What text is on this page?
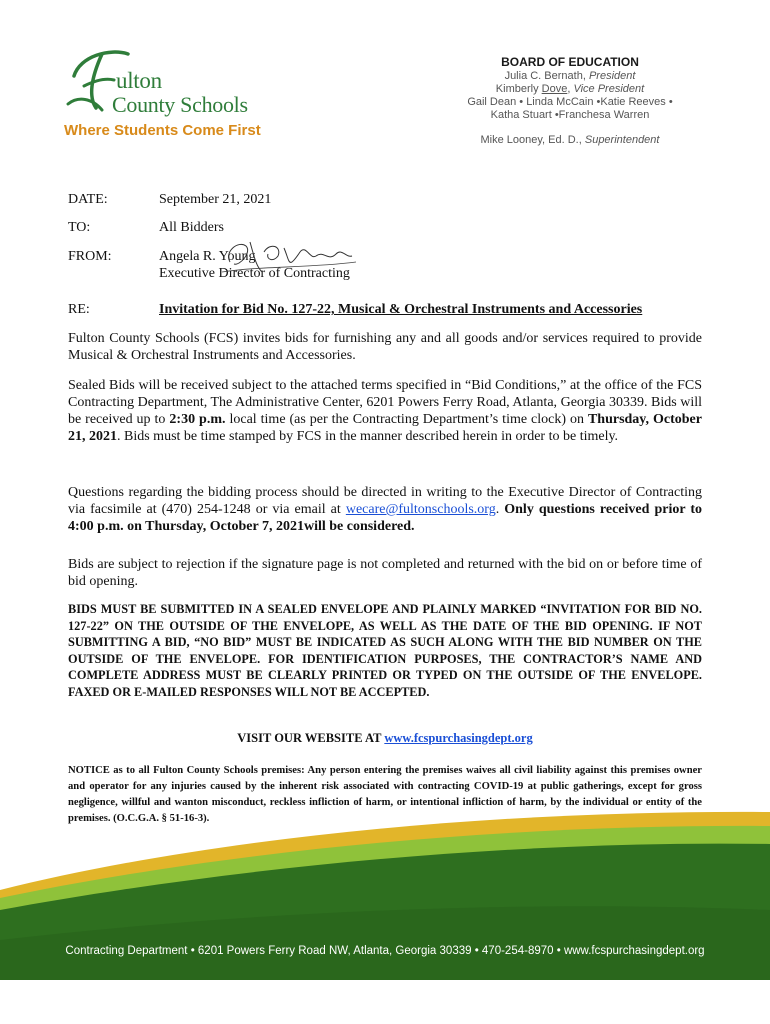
ulton
County Schools
Where Students Come First
BOARD OF EDUCATION
Julia C. Bernath, President
Kimberly Dove, Vice President
Gail Dean • Linda McCain •Katie Reeves •
Katha Stuart •Franchesa Warren
Mike Looney, Ed. D., Superintendent
DATE:	September 21, 2021
TO:	All Bidders
FROM:	Angela R. Young
Executive Director of Contracting
RE:	Invitation for Bid No. 127-22, Musical & Orchestral Instruments and Accessories
Fulton County Schools (FCS) invites bids for furnishing any and all goods and/or services required to provide Musical & Orchestral Instruments and Accessories.
Sealed Bids will be received subject to the attached terms specified in “Bid Conditions,” at the office of the FCS Contracting Department, The Administrative Center, 6201 Powers Ferry Road, Atlanta, Georgia 30339. Bids will be received up to 2:30 p.m. local time (as per the Contracting Department’s time clock) on Thursday, October 21, 2021. Bids must be time stamped by FCS in the manner described herein in order to be timely.
Questions regarding the bidding process should be directed in writing to the Executive Director of Contracting via facsimile at (470) 254-1248 or via email at wecare@fultonschools.org. Only questions received prior to 4:00 p.m. on Thursday, October 7, 2021will be considered.
Bids are subject to rejection if the signature page is not completed and returned with the bid on or before time of bid opening.
BIDS MUST BE SUBMITTED IN A SEALED ENVELOPE AND PLAINLY MARKED “INVITATION FOR BID NO. 127-22” ON THE OUTSIDE OF THE ENVELOPE, AS WELL AS THE DATE OF THE BID OPENING. IF NOT SUBMITTING A BID, “NO BID” MUST BE INDICATED AS SUCH ALONG WITH THE BID NUMBER ON THE OUTSIDE OF THE ENVELOPE. FOR IDENTIFICATION PURPOSES, THE CONTRACTOR’S NAME AND COMPLETE ADDRESS MUST BE CLEARLY PRINTED OR TYPED ON THE OUTSIDE OF THE ENVELOPE. FAXED OR E-MAILED RESPONSES WILL NOT BE ACCEPTED.
VISIT OUR WEBSITE AT www.fcspurchasingdept.org
NOTICE as to all Fulton County Schools premises: Any person entering the premises waives all civil liability against this premises owner and operator for any injuries caused by the inherent risk associated with contracting COVID-19 at public gatherings, except for gross negligence, willful and wanton misconduct, reckless infliction of harm, or intentional infliction of harm, by the individual or entity of the premises. (O.C.G.A. § 51-16-3).
Contracting Department • 6201 Powers Ferry Road NW, Atlanta, Georgia 30339 • 470-254-8970 • www.fcspurchasingdept.org
